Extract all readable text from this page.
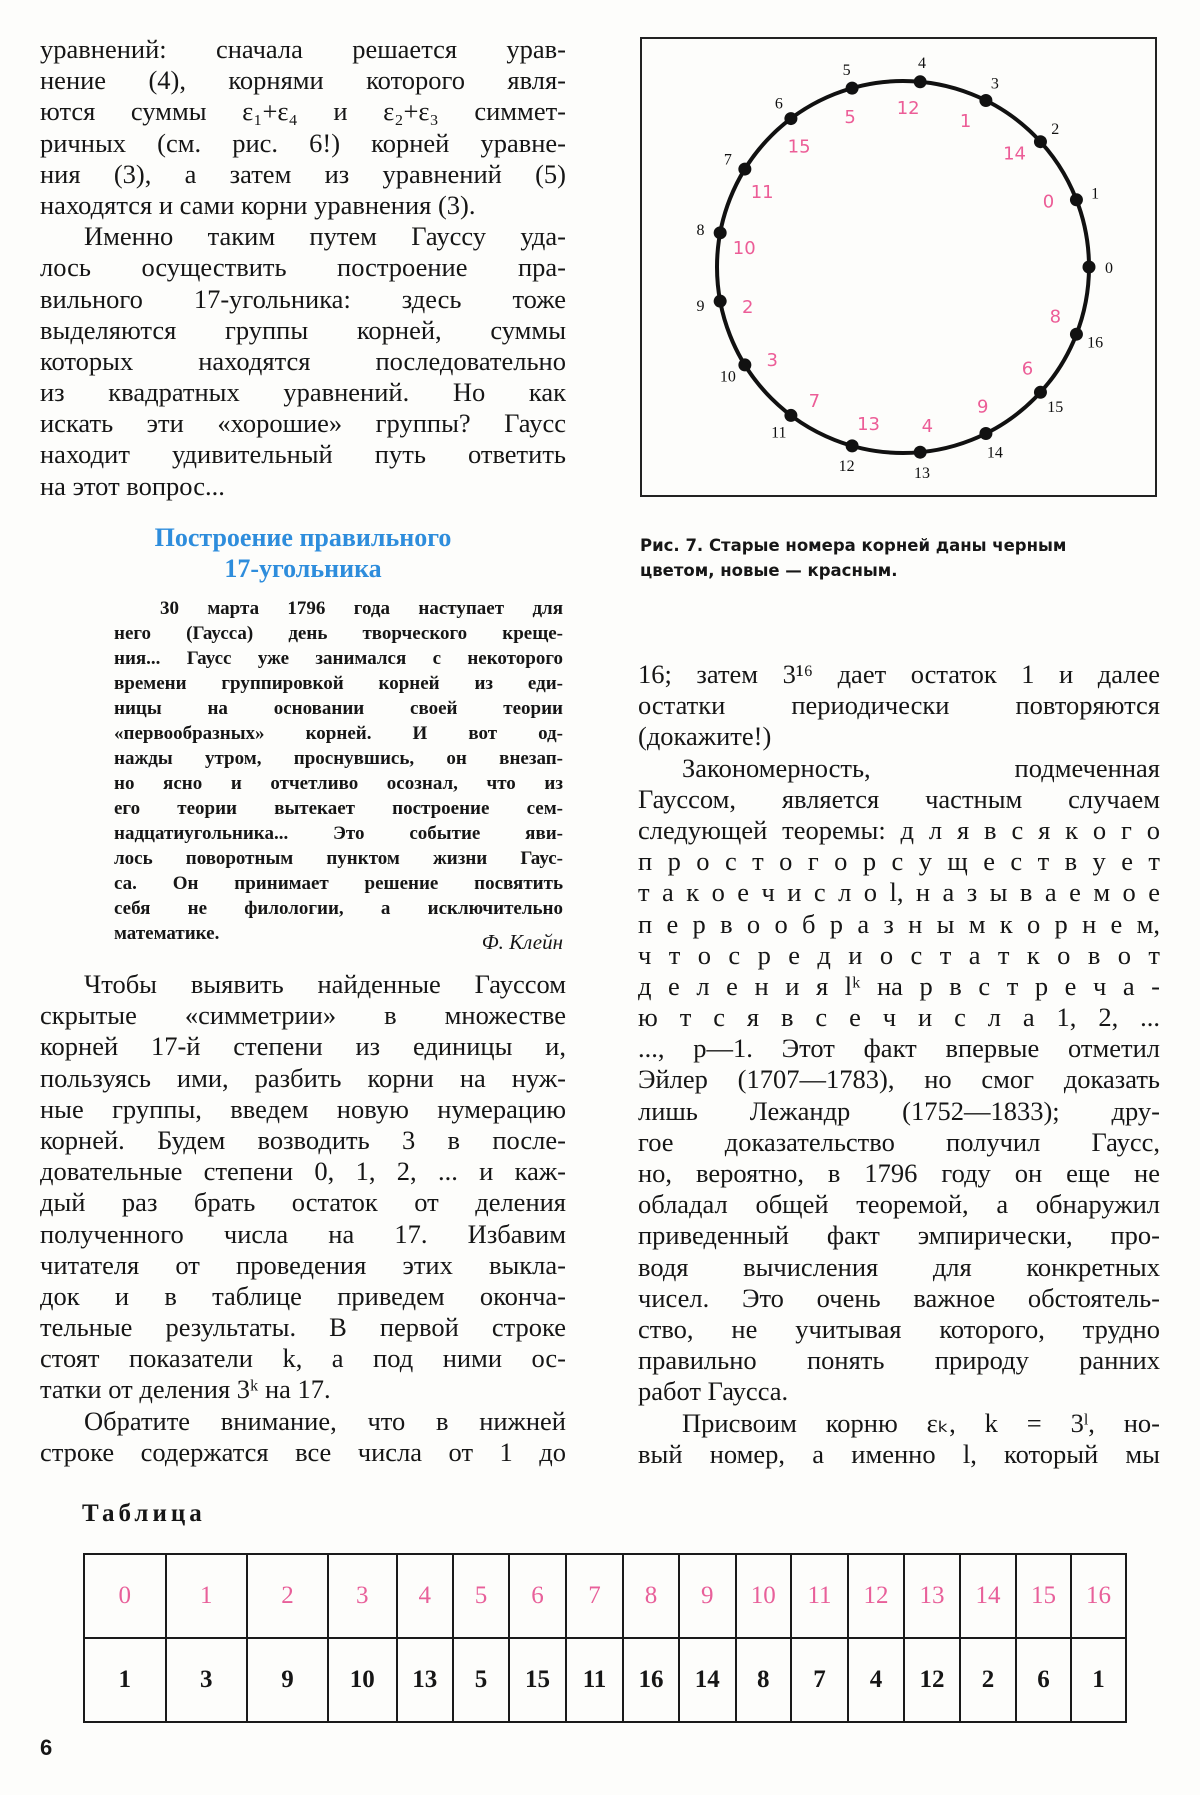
уравнений: сначала решается урав-
нение (4), корнями которого явля-
ются суммы ε₁+ε₄ и ε₂+ε₃ симмет-
ричных (см. рис. 6!) корней уравне-
ния (3), а затем из уравнений (5)
находятся и сами корни уравнения (3).
Именно таким путем Гауссу уда-
лось осуществить построение пра-
вильного 17-угольника: здесь тоже
выделяются группы корней, суммы
которых находятся последовательно
из квадратных уравнений. Но как
искать эти «хорошие» группы? Гаусс
находит удивительный путь ответить
на этот вопрос...
Построение правильного
17-угольника
30 марта 1796 года наступает для
него (Гаусса) день творческого креще-
ния... Гаусс уже занимался с некоторого
времени группировкой корней из еди-
ницы на основании своей теории
«первообразных» корней. И вот од-
нажды утром, проснувшись, он внезап-
но ясно и отчетливо осознал, что из
его теории вытекает построение сем-
надцатиугольника... Это событие яви-
лось поворотным пунктом жизни Гаус-
са. Он принимает решение посвятить
себя не филологии, а исключительно
математике.	Ф. Клейн
Чтобы выявить найденные Гауссом
скрытые «симметрии» в множестве
корней 17-й степени из единицы и,
пользуясь ими, разбить корни на нуж-
ные группы, введем новую нумерацию
корней. Будем возводить 3 в после-
довательные степени 0, 1, 2, ... и каж-
дый раз брать остаток от деления
полученного числа на 17. Избавим
читателя от проведения этих выкла-
док и в таблице приведем оконча-
тельные результаты. В первой строке
стоят показатели k, а под ними ос-
татки от деления 3ᵏ на 17.
Обратите внимание, что в нижней
строке содержатся все числа от 1 до
0
1
0
2
14
3
1
4
12
5
5
6
15
7
11
8
10
9 2
10
3
11
7
12
13
13
4
14
9	15
6
16
8
Рис. 7. Старые номера корней даны черным
цветом, новые — красным.
16; затем 3¹⁶ дает остаток 1 и далее
остатки периодически повторяются
(докажите!)
Закономерность, подмеченная
Гауссом, является частным случаем
следующей теоремы: д л я в с я к о г о
п р о с т о г о p с у щ е с т в у е т
т а к о е ч и с л о l, н а з ы в а е м о е
п е р в о о б р а з н ы м к о р н е м,
ч т о с р е д и о с т а т к о в о т
д е л е н и я lᵏ на p в с т р е ч а -
ю т с я в с е ч и с л а 1, 2, ...
..., p—1. Этот факт впервые отметил
Эйлер (1707—1783), но смог доказать
лишь Лежандр (1752—1833); дру-
гое доказательство получил Гаусс,
но, вероятно, в 1796 году он еще не
обладал общей теоремой, а обнаружил
приведенный факт эмпирически, про-
водя вычисления для конкретных
чисел. Это очень важное обстоятель-
ство, не учитывая которого, трудно
правильно понять природу ранних
работ Гаусса.
Присвоим корню εₖ, k = 3ˡ, но-
вый номер, а именно l, который мы
Таблица
0	1	2	3	4	5	6	7	8	9	10	11	12	13	14	15	16
1	3	9	10	13	5	15	11	16	14	8	7	4	12	2	6	1
6
